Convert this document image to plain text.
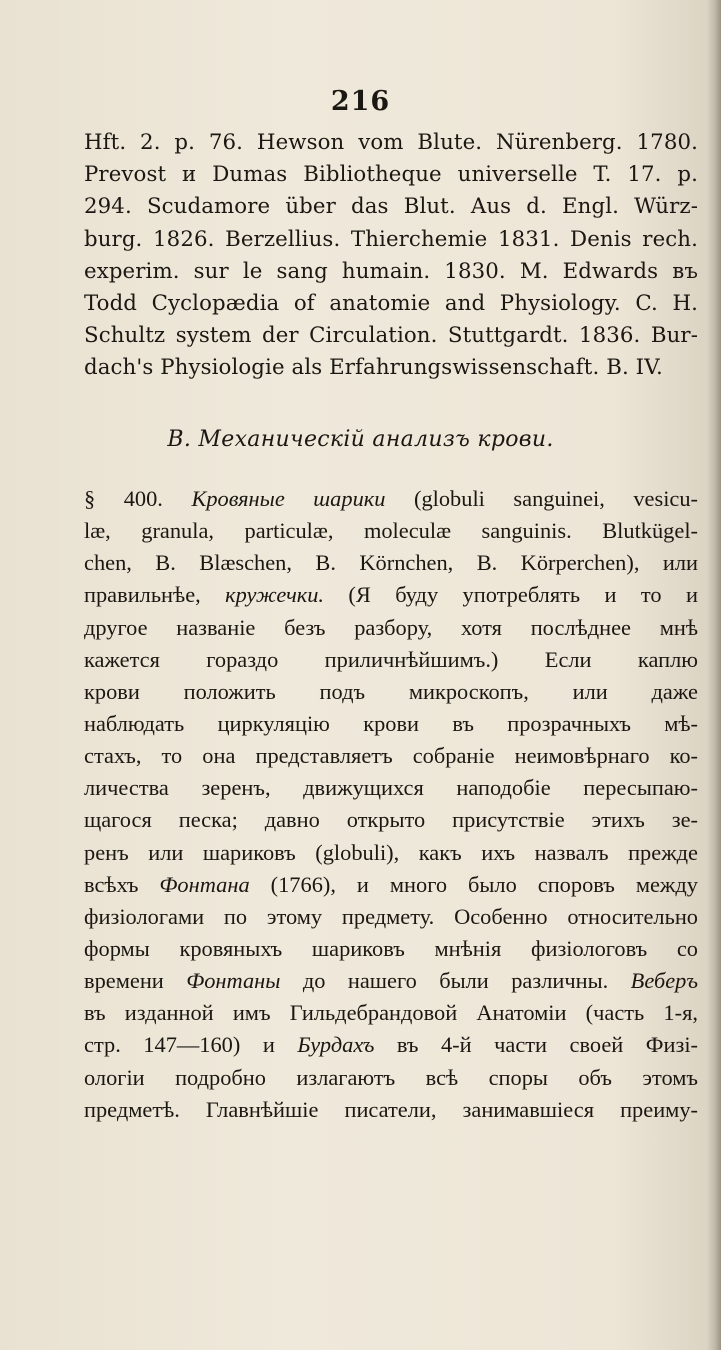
216
Hft. 2. p. 76. Hewson vom Blute. Nürenberg. 1780.
Prevost и Dumas Bibliotheque universelle T. 17. p.
294. Scudamore über das Blut. Aus d. Engl. Würz-
burg. 1826. Berzellius. Thierchemie 1831. Denis rech.
experim. sur le sang humain. 1830. M. Edwards въ
Todd Cyclopædia of anatomie and Physiology. C. H.
Schultz system der Circulation. Stuttgardt. 1836. Bur-
dach's Physiologie als Erfahrungswissenschaft. B. IV.
B. Механическій анализъ крови.
§ 400. Кровяные шарики (globuli sanguinei, vesicu-
læ, granula, particulæ, moleculæ sanguinis. Blutkügel-
chen, B. Blæschen, B. Körnchen, B. Körperchen), или
правильнѣе, кружечки. (Я буду употреблять и то и
другое названіе безъ разбору, хотя послѣднее мнѣ
кажется гораздо приличнѣйшимъ.) Если каплю
крови положить подъ микроскопъ, или даже
наблюдать циркуляцію крови въ прозрачныхъ мѣ-
стахъ, то она представляетъ собраніе неимовѣрнаго ко-
личества зеренъ, движущихся наподобіе пересыпаю-
щагося песка; давно открыто присутствіе этихъ зе-
ренъ или шариковъ (globuli), какъ ихъ назвалъ прежде
всѣхъ Фонтана (1766), и много было споровъ между
физіологами по этому предмету. Особенно относительно
формы кровяныхъ шариковъ мнѣнія физіологовъ со
времени Фонтаны до нашего были различны. Веберъ
въ изданной имъ Гильдебрандовой Анатоміи (часть 1-я,
стр. 147—160) и Бурдахъ въ 4-й части своей Физі-
ологіи подробно излагаютъ всѣ споры объ этомъ
предметѣ. Главнѣйшіе писатели, занимавшіеся преиму-
